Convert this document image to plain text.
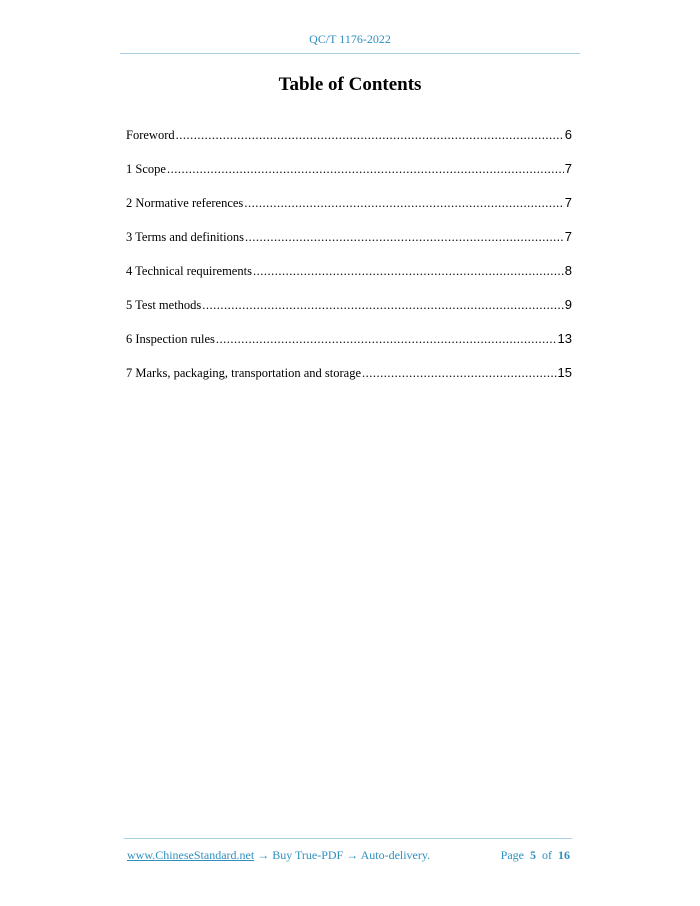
QC/T 1176-2022
Table of Contents
Foreword .....	6
1 Scope .....	7
2 Normative references .....	7
3 Terms and definitions .....	7
4 Technical requirements .....	8
5 Test methods .....	9
6 Inspection rules .....	13
7 Marks, packaging, transportation and storage .....	15
www.ChineseStandard.net → Buy True-PDF → Auto-delivery.	Page 5 of 16
